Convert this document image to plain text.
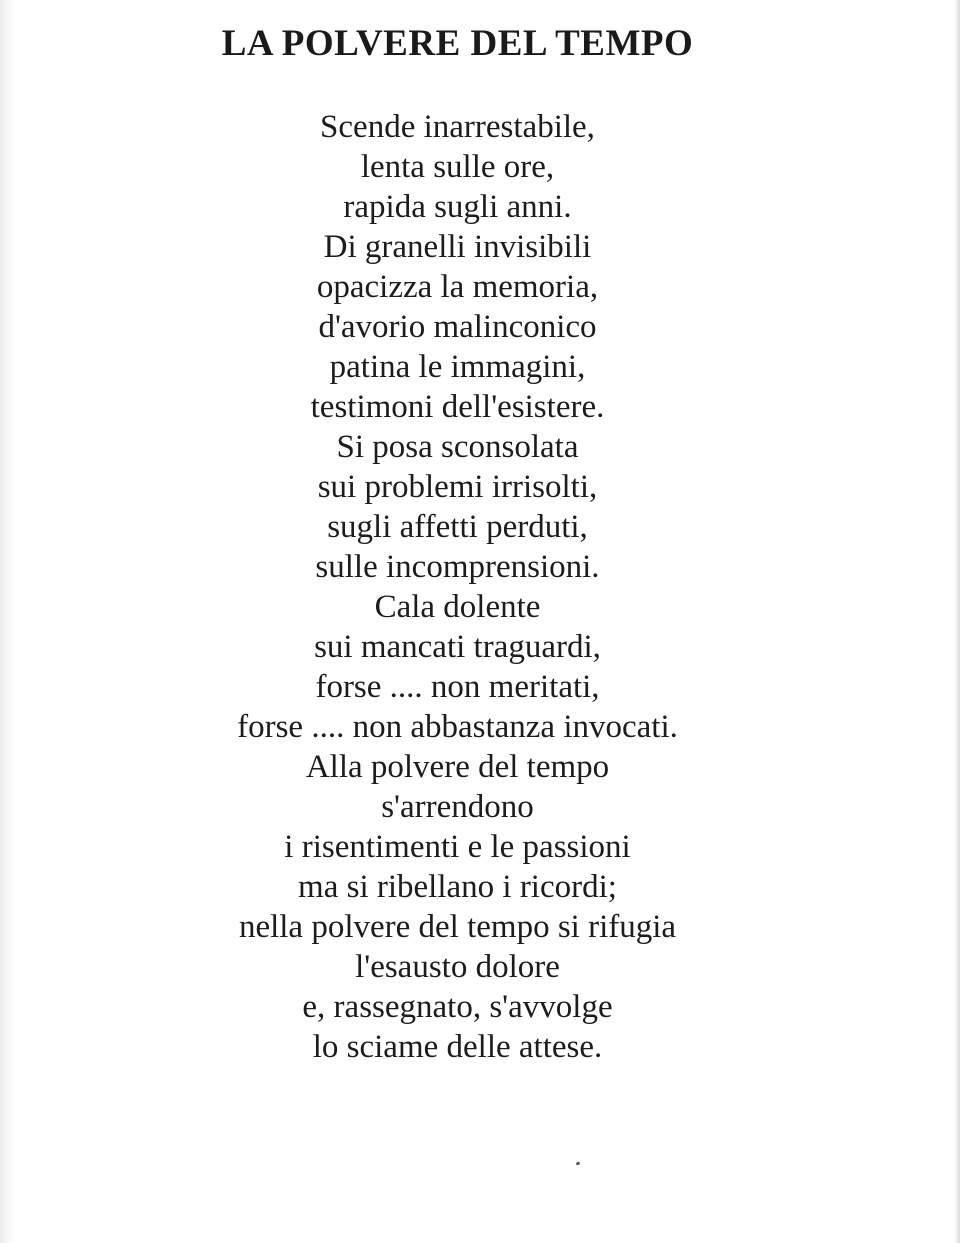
LA POLVERE DEL TEMPO
Scende inarrestabile,
lenta sulle ore,
rapida sugli anni.
Di granelli invisibili
opacizza la memoria,
d'avorio malinconico
patina le immagini,
testimoni dell'esistere.
Si posa sconsolata
sui problemi irrisolti,
sugli affetti perduti,
sulle incomprensioni.
Cala dolente
sui mancati traguardi,
forse .... non meritati,
forse .... non abbastanza invocati.
Alla polvere del tempo
s'arrendono
i risentimenti e le passioni
ma si ribellano i ricordi;
nella polvere del tempo si rifugia
l'esausto dolore
e, rassegnato, s'avvolge
lo sciame delle attese.
